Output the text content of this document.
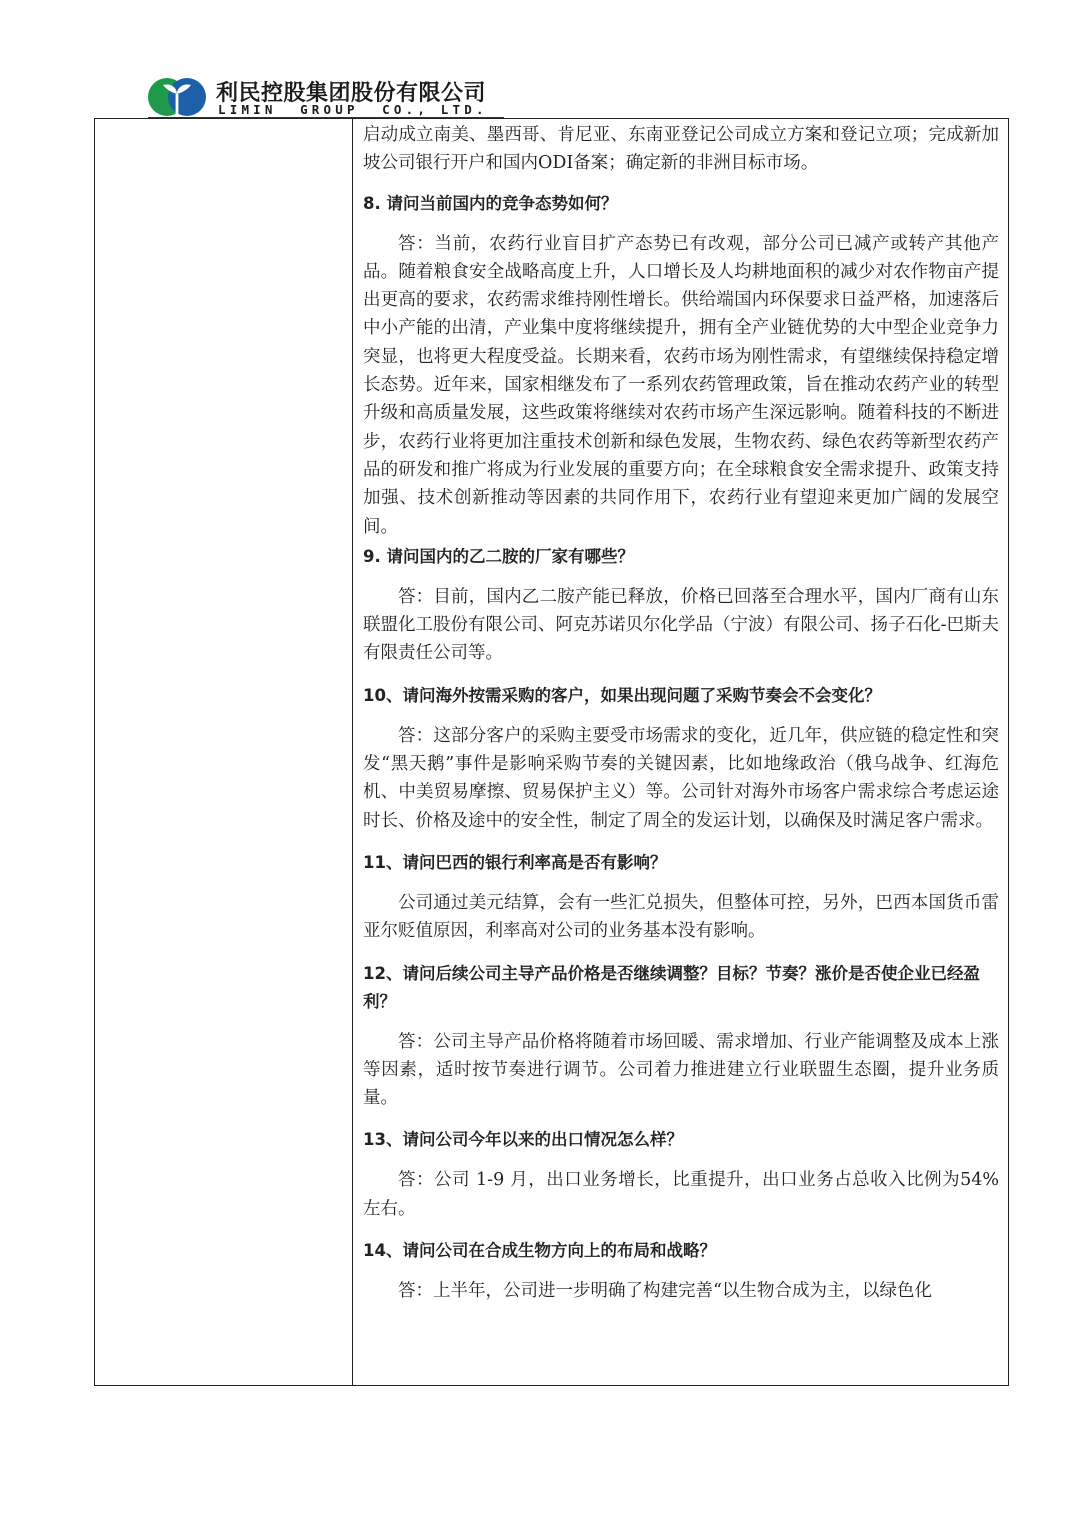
利民控股集团股份有限公司
LIMIN  GROUP  CO., LTD.

启动成立南美、墨西哥、肯尼亚、东南亚登记公司成立方案和登记立项；完成新加坡公司银行开户和国内ODI备案；确定新的非洲目标市场。

8. 请问当前国内的竞争态势如何？

答：当前，农药行业盲目扩产态势已有改观，部分公司已减产或转产其他产品。随着粮食安全战略高度上升，人口增长及人均耕地面积的减少对农作物亩产提出更高的要求，农药需求维持刚性增长。供给端国内环保要求日益严格，加速落后中小产能的出清，产业集中度将继续提升，拥有全产业链优势的大中型企业竞争力突显，也将更大程度受益。长期来看，农药市场为刚性需求，有望继续保持稳定增长态势。近年来，国家相继发布了一系列农药管理政策，旨在推动农药产业的转型升级和高质量发展，这些政策将继续对农药市场产生深远影响。随着科技的不断进步，农药行业将更加注重技术创新和绿色发展，生物农药、绿色农药等新型农药产品的研发和推广将成为行业发展的重要方向；在全球粮食安全需求提升、政策支持加强、技术创新推动等因素的共同作用下，农药行业有望迎来更加广阔的发展空间。

9. 请问国内的乙二胺的厂家有哪些？

答：目前，国内乙二胺产能已释放，价格已回落至合理水平，国内厂商有山东联盟化工股份有限公司、阿克苏诺贝尔化学品（宁波）有限公司、扬子石化-巴斯夫有限责任公司等。

10、请问海外按需采购的客户，如果出现问题了采购节奏会不会变化？

答：这部分客户的采购主要受市场需求的变化，近几年，供应链的稳定性和突发“黑天鹅”事件是影响采购节奏的关键因素，比如地缘政治（俄乌战争、红海危机、中美贸易摩擦、贸易保护主义）等。公司针对海外市场客户需求综合考虑运途时长、价格及途中的安全性，制定了周全的发运计划，以确保及时满足客户需求。

11、请问巴西的银行利率高是否有影响？

公司通过美元结算，会有一些汇兑损失，但整体可控，另外，巴西本国货币雷亚尔贬值原因，利率高对公司的业务基本没有影响。

12、请问后续公司主导产品价格是否继续调整？目标？节奏？涨价是否使企业已经盈利？

答：公司主导产品价格将随着市场回暖、需求增加、行业产能调整及成本上涨等因素，适时按节奏进行调节。公司着力推进建立行业联盟生态圈，提升业务质量。

13、请问公司今年以来的出口情况怎么样？

答：公司 1-9 月，出口业务增长，比重提升，出口业务占总收入比例为54%左右。

14、请问公司在合成生物方向上的布局和战略？

答：上半年，公司进一步明确了构建完善“以生物合成为主，以绿色化
